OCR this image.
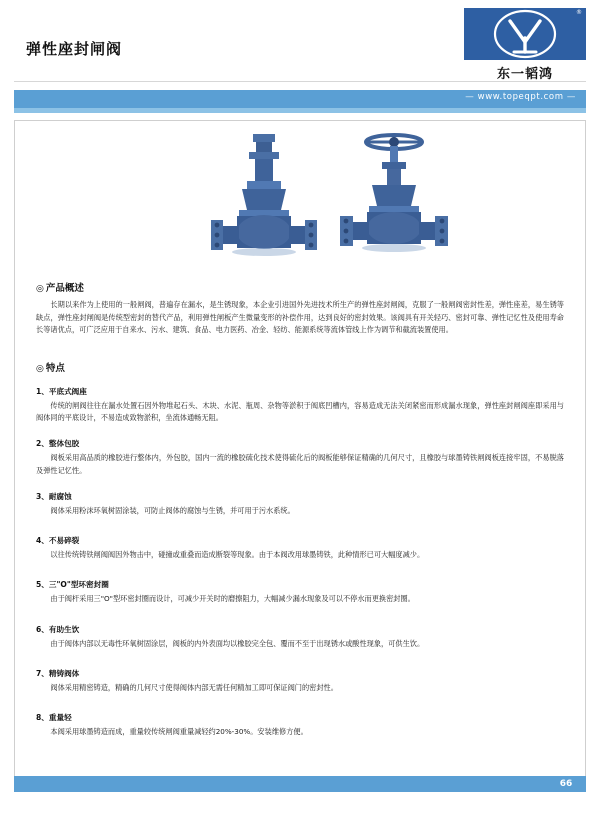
弹性座封闸阀
®
东一韬鸿
— www.topeqpt.com —
◎ 产品概述
长期以来作为上使用的一般闸阀，普遍存在漏水，是生锈现象，本企业引进国外先进技术所生产的弹性座封闸阀，克服了一般闸阀密封性差，弹性座差，易生锈等缺点，弹性座封闸阀是传统型密封的替代产品，利用弹性闸板产生微量变形的补偿作用，达到良好的密封效果。该阀具有开关轻巧、密封可靠、弹性记忆性及使用寿命长等诸优点，可广泛应用于自来水、污水、建筑、食品、电力医药、冶金、轻纺、能源系统等流体管线上作为调节和截流装置使用。
◎ 特点
1、平底式阀座
传统的闸阀往往在漏水处置石因外物堆起石头、木块、水泥、瓶周、杂物等淤积于阀底凹槽内，容易造成无法关闭紧密而形成漏水现象，弹性座封闸阀座即采用与阀体同的平底设计，不易造成致物淤积，坐流体通畅无阻。
2、整体包胶
阀板采用高品质的橡胶进行整体内，外包胶，国内一流的橡胶硫化技术使得硫化后的阀板能够保证精确的几何尺寸，且橡胶与球墨铸铁闸阀板连接牢固，不易脱落及弹性记忆性。
3、耐腐蚀
阀体采用粉沫环氧树固涂装，可防止阀体的腐蚀与生锈，并可用于污水系统。
4、不易碎裂
以往传统铸铁闸阀阀因外物击中，碰撞或重叠而造成断裂等现象。由于本阀改用球墨铸铁，此种情形已可大幅度减少。
5、三"O"型环密封圈
由于阀杆采用三"O"型环密封圈而设计，可减少开关时的磨擦阻力，大幅减少漏水现象及可以不停水而更换密封圈。
6、有助生饮
由于阀体内部以无毒性环氧树固涂层，阀板的内外表面均以橡胶完全包、覆而不至于出现锈水或酸性现象，可供生饮。
7、精铸阀体
阀体采用精密铸造，精确的几何尺寸使得阀体内部无需任何精加工即可保证阀门的密封性。
8、重量轻
本阀采用球墨铸造而成，重量较传统闸阀重量减轻约20%-30%。安装维修方便。
66
